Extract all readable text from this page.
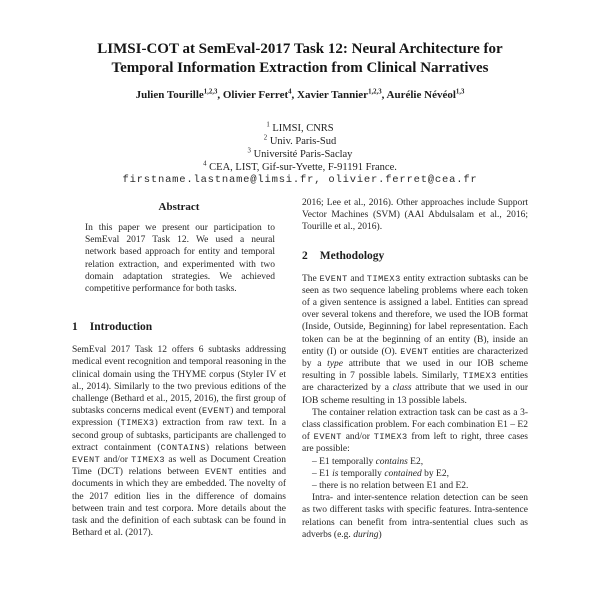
LIMSI-COT at SemEval-2017 Task 12: Neural Architecture for
Temporal Information Extraction from Clinical Narratives
Julien Tourille$^{1,2,3}$, Olivier Ferret$^4$, Xavier Tannier$^{1,2,3}$, Aurélie Névéol$^{1,3}$
$^1$ LIMSI, CNRS
$^2$ Univ. Paris-Sud
$^3$ Université Paris-Saclay
$^4$ CEA, LIST, Gif-sur-Yvette, F-91191 France.
firstname.lastname@limsi.fr, olivier.ferret@cea.fr
Abstract

In this paper we present our participation to SemEval 2017 Task 12. We used a neural network based approach for entity and temporal relation extraction, and experimented with two domain adaptation strategies. We achieved competitive performance for both tasks.

1 Introduction

SemEval 2017 Task 12 offers 6 subtasks addressing medical event recognition and temporal reasoning in the clinical domain using the THYME corpus (Styler IV et al., 2014). Similarly to the two previous editions of the challenge (Bethard et al., 2015, 2016), the first group of subtasks concerns medical event (EVENT) and temporal expression (TIMEX3) extraction from raw text. In a second group of subtasks, participants are challenged to extract containment (CONTAINS) relations between EVENT and/or TIMEX3 as well as Document Creation Time (DCT) relations between EVENT entities and documents in which they are embedded. The novelty of the 2017 edition lies in the difference of domains between train and test corpora. More details about the task and the definition of each subtask can be found in Bethard et al. (2017).

2016; Lee et al., 2016). Other approaches include Support Vector Machines (SVM) (AAl Abdulsalam et al., 2016; Tourille et al., 2016).

2 Methodology

The EVENT and TIMEX3 entity extraction subtasks can be seen as two sequence labeling problems where each token of a given sentence is assigned a label. Entities can spread over several tokens and therefore, we used the IOB format (Inside, Outside, Beginning) for label representation. Each token can be at the beginning of an entity (B), inside an entity (I) or outside (O). EVENT entities are characterized by a type attribute that we used in our IOB scheme resulting in 7 possible labels. Similarly, TIMEX3 entities are characterized by a class attribute that we used in our IOB scheme resulting in 13 possible labels.

The container relation extraction task can be cast as a 3-class classification problem. For each combination E1 – E2 of EVENT and/or TIMEX3 from left to right, three cases are possible:

– E1 temporally contains E2,
– E1 is temporally contained by E2,
– there is no relation between E1 and E2.

Intra- and inter-sentence relation detection can be seen as two different tasks with specific features. Intra-sentence relations can benefit from intra-sentential clues such as adverbs (e.g. during)
